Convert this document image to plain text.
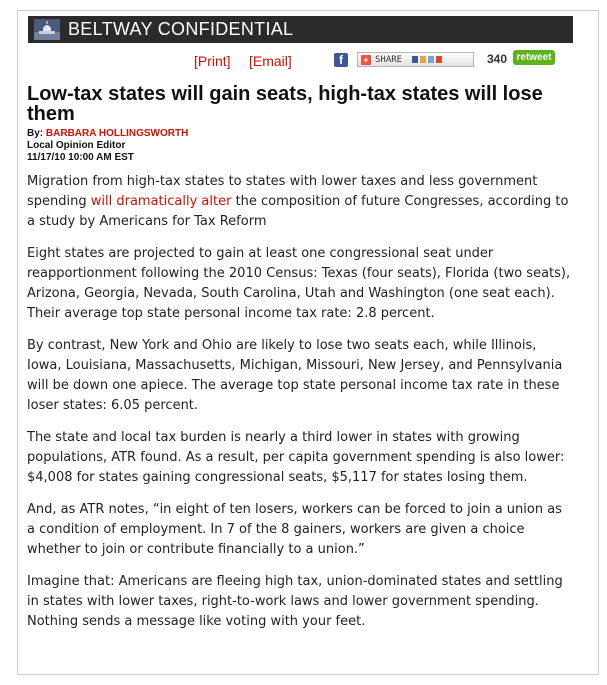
BELTWAY CONFIDENTIAL
[Print] [Email]	f	+ SHARE	340 retweet
Low-tax states will gain seats, high-tax states will lose them
By: BARBARA HOLLINGSWORTH
Local Opinion Editor
11/17/10 10:00 AM EST

Migration from high-tax states to states with lower taxes and less government spending will dramatically alter the composition of future Congresses, according to a study by Americans for Tax Reform

Eight states are projected to gain at least one congressional seat under reapportionment following the 2010 Census: Texas (four seats), Florida (two seats), Arizona, Georgia, Nevada, South Carolina, Utah and Washington (one seat each). Their average top state personal income tax rate: 2.8 percent.

By contrast, New York and Ohio are likely to lose two seats each, while Illinois, Iowa, Louisiana, Massachusetts, Michigan, Missouri, New Jersey, and Pennsylvania will be down one apiece. The average top state personal income tax rate in these loser states: 6.05 percent.

The state and local tax burden is nearly a third lower in states with growing populations, ATR found. As a result, per capita government spending is also lower: $4,008 for states gaining congressional seats, $5,117 for states losing them.

And, as ATR notes, “in eight of ten losers, workers can be forced to join a union as a condition of employment. In 7 of the 8 gainers, workers are given a choice whether to join or contribute financially to a union.”

Imagine that: Americans are fleeing high tax, union-dominated states and settling in states with lower taxes, right-to-work laws and lower government spending. Nothing sends a message like voting with your feet.
